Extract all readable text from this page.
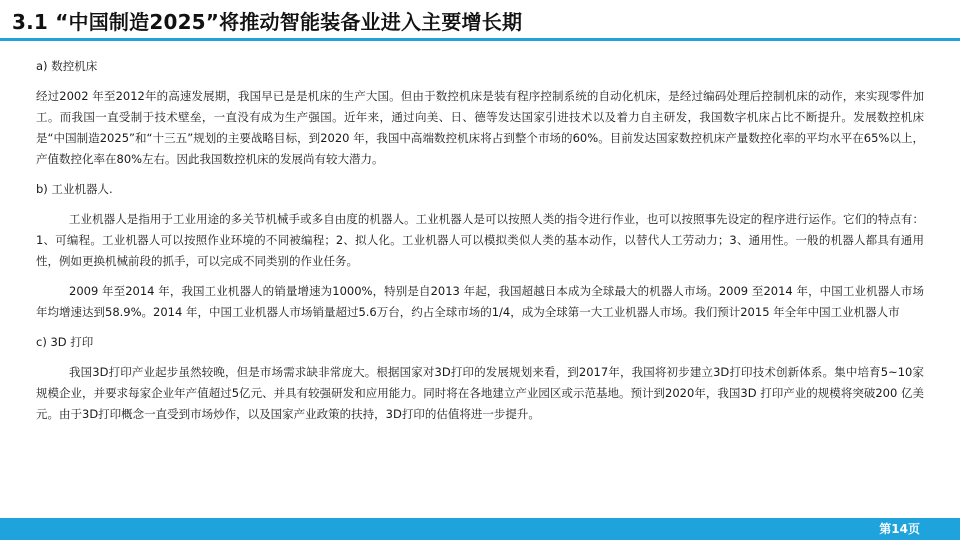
3.1 “中国制造2025”将推动智能装备业进入主要增长期
a) 数控机床

经过2002 年至2012年的高速发展期，我国早已是是机床的生产大国。但由于数控机床是装有程序控制系统的自动化机床，是经过编码处理后控制机床的动作，来实现零件加工。而我国一直受制于技术壁垒，一直没有成为生产强国。近年来，通过向美、日、德等发达国家引进技术以及着力自主研发，我国数字机床占比不断提升。发展数控机床是“中国制造2025”和“十三五”规划的主要战略目标，到2020 年，我国中高端数控机床将占到整个市场的60%。目前发达国家数控机床产量数控化率的平均水平在65%以上，产值数控化率在80%左右。因此我国数控机床的发展尚有较大潜力。

b) 工业机器人.

工业机器人是指用于工业用途的多关节机械手或多自由度的机器人。工业机器人是可以按照人类的指令进行作业，也可以按照事先设定的程序进行运作。它们的特点有：1、可编程。工业机器人可以按照作业环境的不同被编程；2、拟人化。工业机器人可以模拟类似人类的基本动作，以替代人工劳动力；3、通用性。一般的机器人都具有通用性，例如更换机械前段的抓手，可以完成不同类别的作业任务。

2009 年至2014 年，我国工业机器人的销量增速为1000%，特别是自2013 年起，我国超越日本成为全球最大的机器人市场。2009 至2014 年，中国工业机器人市场年均增速达到58.9%。2014 年，中国工业机器人市场销量超过5.6万台，约占全球市场的1/4，成为全球第一大工业机器人市场。我们预计2015 年全年中国工业机器人市

c) 3D 打印

我国3D打印产业起步虽然较晚，但是市场需求缺非常庞大。根据国家对3D打印的发展规划来看，到2017年，我国将初步建立3D打印技术创新体系。集中培育5~10家规模企业，并要求每家企业年产值超过5亿元、并具有较强研发和应用能力。同时将在各地建立产业园区或示范基地。预计到2020年，我国3D 打印产业的规模将突破200 亿美元。由于3D打印概念一直受到市场炒作，以及国家产业政策的扶持，3D打印的估值将进一步提升。

第14页
